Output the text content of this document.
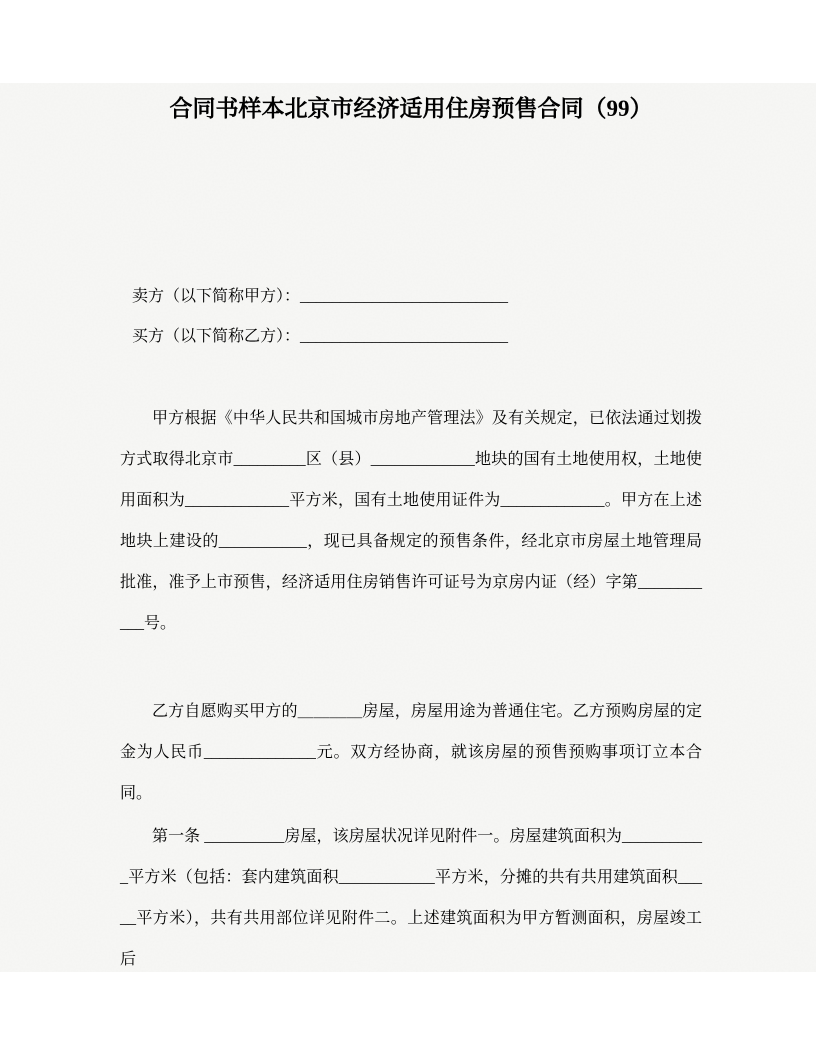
合同书样本北京市经济适用住房预售合同（99）
卖方（以下简称甲方）：__________________________
买方（以下简称乙方）：__________________________
甲方根据《中华人民共和国城市房地产管理法》及有关规定，已依法通过划拨方式取得北京市_________区（县）_____________地块的国有土地使用权，土地使用面积为_____________平方米，国有土地使用证件为_____________。甲方在上述地块上建设的___________，现已具备规定的预售条件，经北京市房屋土地管理局批准，准予上市预售，经济适用住房销售许可证号为京房内证（经）字第___________号。
乙方自愿购买甲方的＿＿＿＿房屋，房屋用途为普通住宅。乙方预购房屋的定金为人民币______________元。双方经协商，就该房屋的预售预购事项订立本合同。
第一条 __________房屋，该房屋状况详见附件一。房屋建筑面积为___________平方米（包括：套内建筑面积____________平方米，分摊的共有共用建筑面积_____平方米），共有共用部位详见附件二。上述建筑面积为甲方暂测面积，房屋竣工后
